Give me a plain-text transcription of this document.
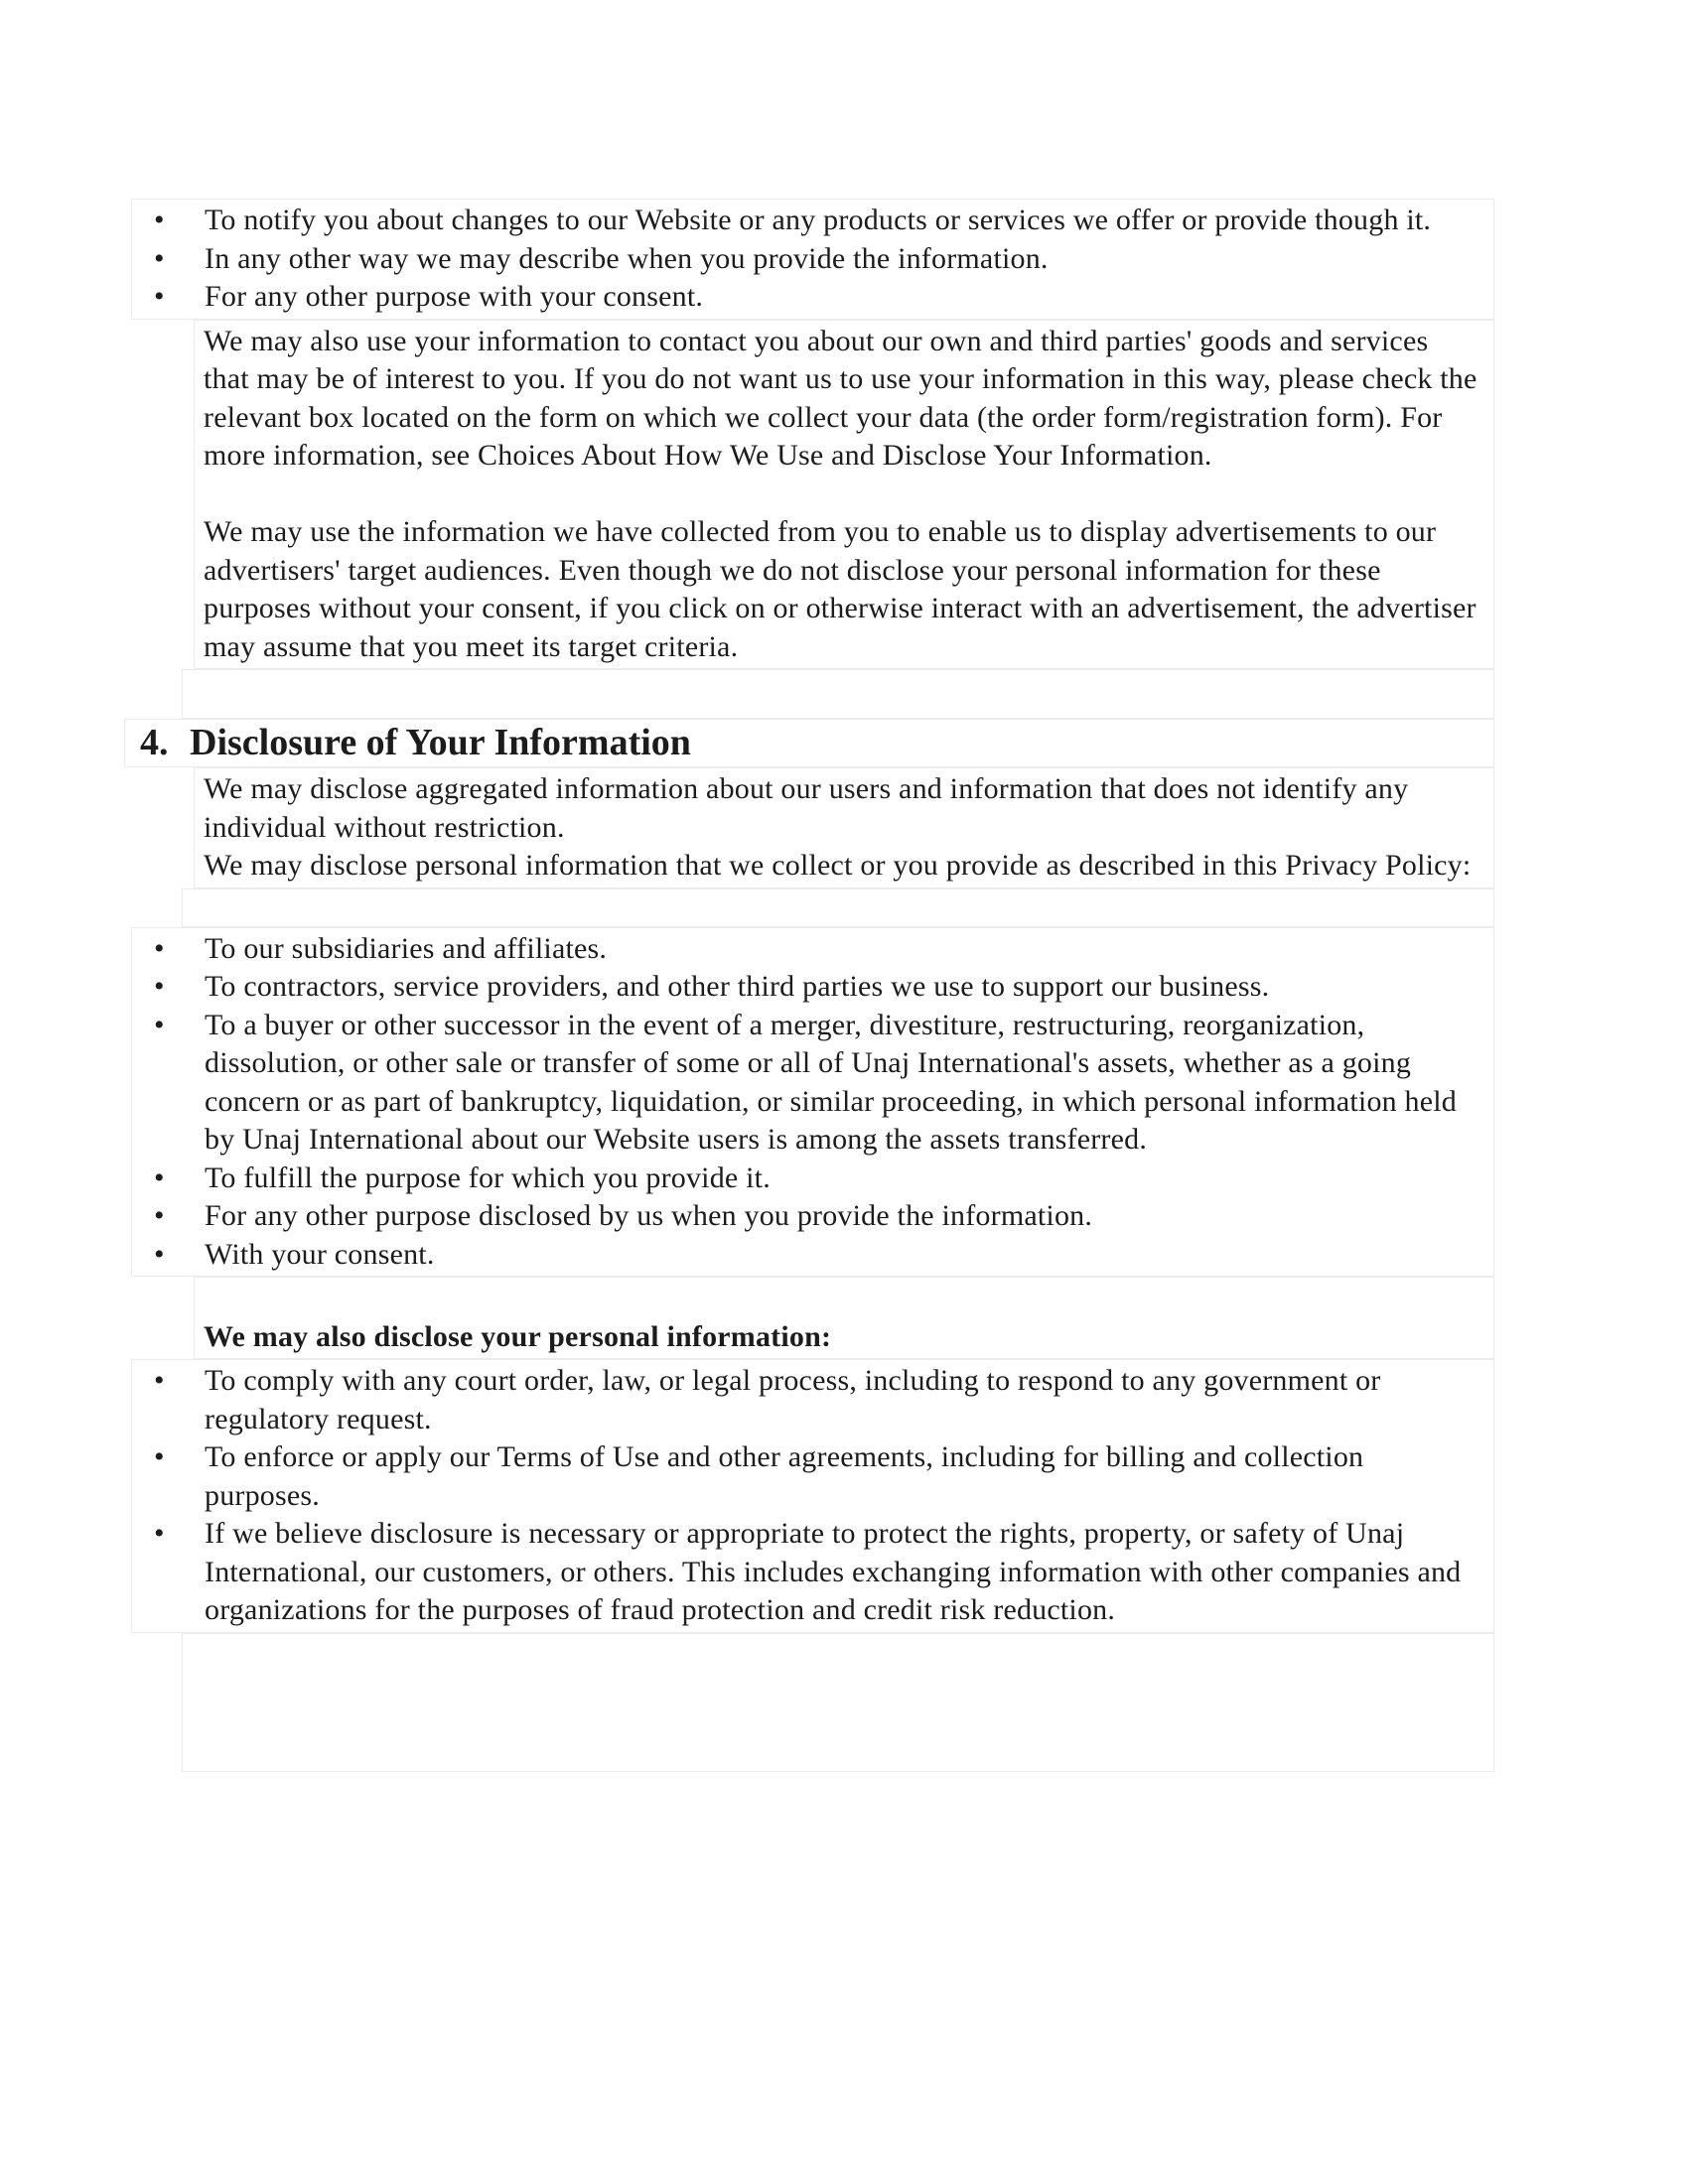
• To notify you about changes to our Website or any products or services we offer or provide though it.
• In any other way we may describe when you provide the information.
• For any other purpose with your consent.

We may also use your information to contact you about our own and third parties' goods and services that may be of interest to you. If you do not want us to use your information in this way, please check the relevant box located on the form on which we collect your data (the order form/registration form). For more information, see Choices About How We Use and Disclose Your Information.

We may use the information we have collected from you to enable us to display advertisements to our advertisers' target audiences. Even though we do not disclose your personal information for these purposes without your consent, if you click on or otherwise interact with an advertisement, the advertiser may assume that you meet its target criteria.

4. Disclosure of Your Information

We may disclose aggregated information about our users and information that does not identify any individual without restriction.

We may disclose personal information that we collect or you provide as described in this Privacy Policy:

• To our subsidiaries and affiliates.
• To contractors, service providers, and other third parties we use to support our business.
• To a buyer or other successor in the event of a merger, divestiture, restructuring, reorganization, dissolution, or other sale or transfer of some or all of Unaj International's assets, whether as a going concern or as part of bankruptcy, liquidation, or similar proceeding, in which personal information held by Unaj International about our Website users is among the assets transferred.
• To fulfill the purpose for which you provide it.
• For any other purpose disclosed by us when you provide the information.
• With your consent.

We may also disclose your personal information:

• To comply with any court order, law, or legal process, including to respond to any government or regulatory request.
• To enforce or apply our Terms of Use and other agreements, including for billing and collection purposes.
• If we believe disclosure is necessary or appropriate to protect the rights, property, or safety of Unaj International, our customers, or others. This includes exchanging information with other companies and organizations for the purposes of fraud protection and credit risk reduction.
